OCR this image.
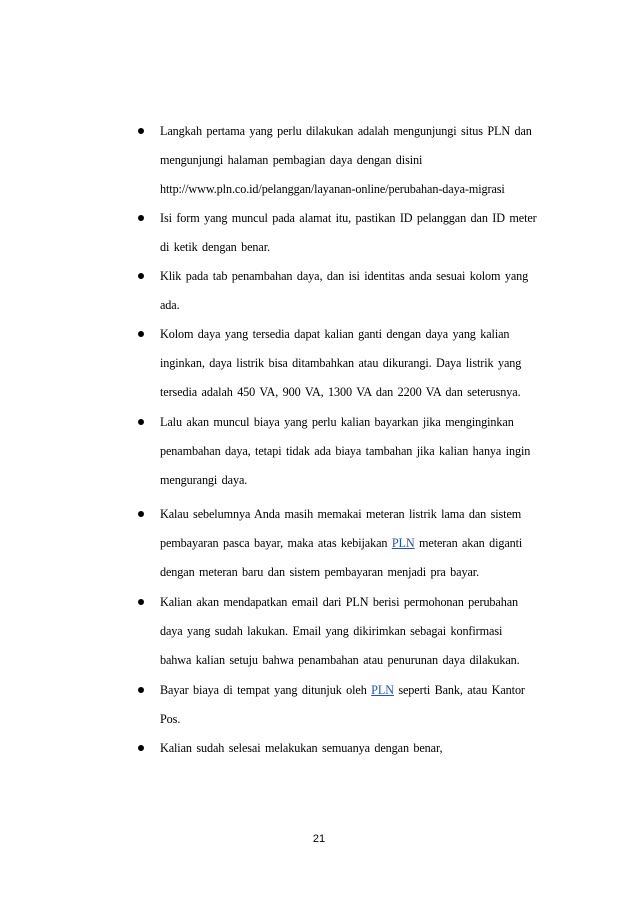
Langkah pertama yang perlu dilakukan adalah mengunjungi situs PLN dan
mengunjungi halaman pembagian daya dengan disini
http://www.pln.co.id/pelanggan/layanan-online/perubahan-daya-migrasi

Isi form yang muncul pada alamat itu, pastikan ID pelanggan dan ID meter
di ketik dengan benar.

Klik pada tab penambahan daya, dan isi identitas anda sesuai kolom yang
ada.

Kolom daya yang tersedia dapat kalian ganti dengan daya yang kalian
inginkan, daya listrik bisa ditambahkan atau dikurangi. Daya listrik yang
tersedia adalah 450 VA, 900 VA, 1300 VA dan 2200 VA dan seterusnya.

Lalu akan muncul biaya yang perlu kalian bayarkan jika menginginkan
penambahan daya, tetapi tidak ada biaya tambahan jika kalian hanya ingin
mengurangi daya.

Kalau sebelumnya Anda masih memakai meteran listrik lama dan sistem
pembayaran pasca bayar, maka atas kebijakan PLN meteran akan diganti
dengan meteran baru dan sistem pembayaran menjadi pra bayar.

Kalian akan mendapatkan email dari PLN berisi permohonan perubahan
daya yang sudah lakukan. Email yang dikirimkan sebagai konfirmasi
bahwa kalian setuju bahwa penambahan atau penurunan daya dilakukan.

Bayar biaya di tempat yang ditunjuk oleh PLN seperti Bank, atau Kantor
Pos.

Kalian sudah selesai melakukan semuanya dengan benar,

21
